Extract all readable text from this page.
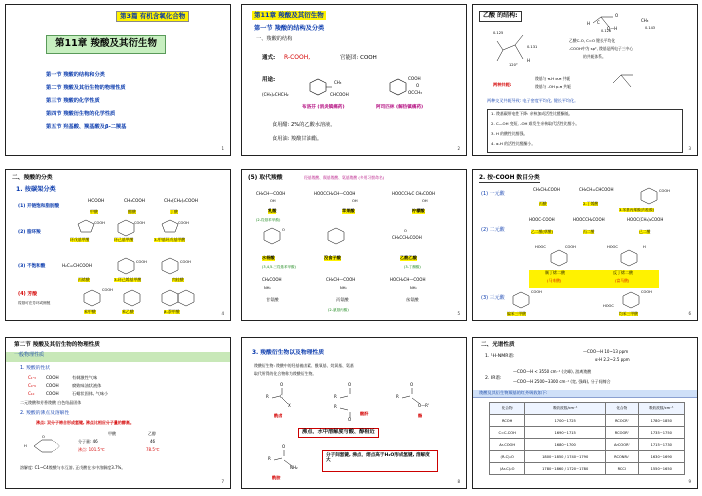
第3篇 有机含氧化合物
第11章 羧酸及其衍生物
第一节 羧酸的结构和分类
第二节 羧酸及其衍生物的物理性质
第三节 羧酸的化学性质
第四节 羧酸衍生物的化学性质
第五节 羟基酸、羰基酸及β-二羰基
1
第11章 羧酸及其衍生物
第一节 羧酸的结构及分类
一、羧酸的结构
通式: R-COOH,	官能团: COOH
用途:
(CH₃)₂CHCH₂
CH₃
CHCOOH
COOH
O
OCCH₃
布洛芬 (消炎镇痛药)	阿司匹林 (解热镇痛药)
食用醋: 2%的乙酸水溶液。
食用油: 羧酸甘油酯。
2
乙酸 的结构:
C
O
O—H
H
CH₃
0.143
0.126
0.125
0.131
120°
H
乙酸C-O, C=O 键长平均化
-COOH中为 sp², 羧基是两电子三中心
的共轭体系。
两种共轭:
羧基与 π-H σ-π 共轭
羧基与 -OH p-π 共轭
两种交叉共轭导致: 电子密度平均化, 键长平均化。
1. 羧基碳带电性下降: 亲核加成活性比醛酮低。
2. C—OH 变短, -OH 难发生亲核取代活性比醇小。
3. H 的酸性比醇强。
4. α-H 的活性比醛酮小。
3
二、羧酸的分类
1. 按碳架分类
(1) 开链饱和脂肪酸
HCOOH	CH₃COOH	CH₃(CH₂)₂COOH
甲酸	醋酸	丁酸
(2) 脂环羧
COOH	COOH	COOH
环戊基甲酸	环己基甲酸	3-甲基环戊基甲酸
(3) 不饱和酸	H₂C=CHCOOH
COOH	COOH
丙烯酸	3-环己烯基甲酸	肉桂酸
(4) 芳酸
羧基可在芳环或侧链
COOH
苯甲酸	苯乙酸	β-萘甲酸	4
(5) 取代羧酸	羟基羧酸、羰基羧酸、氨基羧酸 (多用习惯命名)
CH₃CH—COOH	HOOCCH₂CH—COOH	HOOCCH₂C CH₂COOH
OH	OH	OH
乳酸	苹果酸	柠檬酸
(2-羟基苯甲酸)
O
CH₃CCH₂COOH
O
水杨酸	没食子酸	乙酰乙酸
(3,4,5-三羟基苯甲酸)	(3-丁酮酸)
CH₂COOH	CH₃CH—COOH	HOCH₂CH—COOH
NH₂	NH₂	NH₂
甘氨酸	丙氨酸	丝氨酸
(2-氨基丙酸)
5
2. 按-COOH 数目分类
(1) 一元酸
CH₃CH₂COOH	CH₃CH=CHCOOH	COOH
丙酸	2-丁烯酸
3-苯基丙烯酸(肉桂酸)
(2) 二元酸
HOOC-COOH	HOOCCH₂COOH	HOOC(CH₂)₄COOH
乙二酸(草酸)	丙二酸	己二酸
HOOC	COOH	HOOC	H
顺丁烯二酸	反丁烯二酸
(马来酸)	(富马酸)
(3) 三元酸
COOH	COOH
HOOC
偏苯三甲酸	均苯三甲酸	6
第二节 羧酸及其衍生物的物理性质
一般物理性质
1. 羧酸的性状
C₁-₃ COOH	有刺激性气味
C₄-₉ COOH	腐败味油状液体
C₁₀	COOH	石蜡状固体, 气味小
二元羧酸和芳香羧酸 白色结晶固体
2. 羧酸的沸点及溶解性
沸点: 双分子缔合形成氢键, 沸点比相应分子量的醇高。
H
O
甲酸	乙醇
分子量: 46	46
沸点: 101.5℃	78.5℃
溶解度: C1~C4羧酸与水互溶, 正戊酸在水中溶解度3.7%。
7
3. 羧酸衍生物以及物理性质
羧酸衍生物: 羧酸中的羟基被卤素、酰氧基、烷氧基、氨基
取代所得的化合物称为羧酸衍生物。
R	C
O
X
R
O
R
O
R
O
O—R'
酰卤	酸酐	酯
沸点、水中溶解度与酸、醇相近
R
O
NH₂
酰胺
分子间氢键, 沸点、熔点高于H₂O形成氢键, 溶解度大
8
二、光谱性质
1. ¹H-NMR谱:
—COO—H 10~13 ppm
α-H 2.2~2.5 ppm
2. IR谱:
—COO—H < 3550 cm⁻¹ (尖峰), 游离羧酸
—COO—H 2500~3300 cm⁻¹ (宽, 强峰), 分子间缔合
羧酸及其衍生物羰基的红外吸收如下:
化合物	吸收波数/cm⁻¹	化合物	吸收波数/cm⁻¹
RCOH	1700~1725	RCOCR'	1780~1850
C=C-COH	1690~1715	RCOOR'	1735~1750
Ar-COOH	1680~1700	ArCOOR'	1715~1730
(R-C)₂O	1800~1850 / 1740~1790	RCONR₂'	1630~1690
(Ar-C)₂O	1780~1860 / 1720~1780	RCCl	1550~1650
9
